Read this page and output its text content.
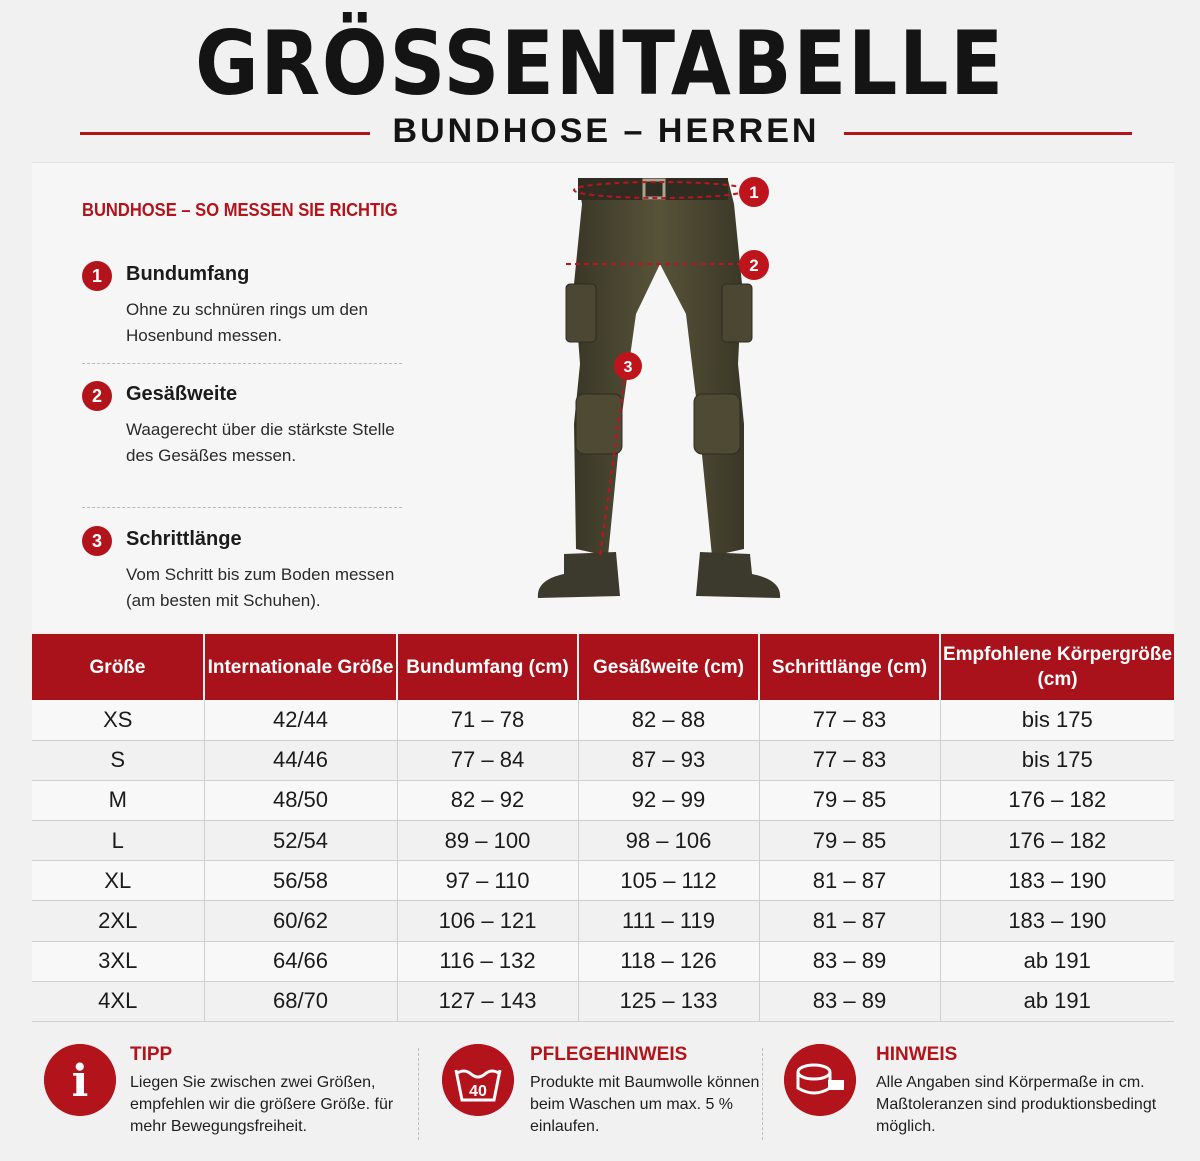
GRÖSSENTABELLE
BUNDHOSE – HERREN
BUNDHOSE – SO MESSEN SIE RICHTIG
1	Bundumfang
Ohne zu schnüren rings um den Hosenbund messen.
2	Gesäßweite
Waagerecht über die stärkste Stelle des Gesäßes messen.
3	Schrittlänge
Vom Schritt bis zum Boden messen (am besten mit Schuhen).
1
2
3
Größe	Internationale Größe	Bundumfang (cm)	Gesäßweite (cm)	Schrittlänge (cm)	Empfohlene Körpergröße (cm)
XS	42/44	71 – 78	82 – 88	77 – 83	bis 175
S	44/46	77 – 84	87 – 93	77 – 83	bis 175
M	48/50	82 – 92	92 – 99	79 – 85	176 – 182
L	52/54	89 – 100	98 – 106	79 – 85	176 – 182
XL	56/58	97 – 110	105 – 112	81 – 87	183 – 190
2XL	60/62	106 – 121	111 – 119	81 – 87	183 – 190
3XL	64/66	116 – 132	118 – 126	83 – 89	ab 191
4XL	68/70	127 – 143	125 – 133	83 – 89	ab 191
i
TIPP
Liegen Sie zwischen zwei Größen, empfehlen wir die größere Größe. für mehr Bewegungsfreiheit.
40
PFLEGEHINWEIS
Produkte mit Baumwolle können beim Waschen um max. 5 % einlaufen.
HINWEIS
Alle Angaben sind Körpermaße in cm. Maßtoleranzen sind produktionsbedingt möglich.
